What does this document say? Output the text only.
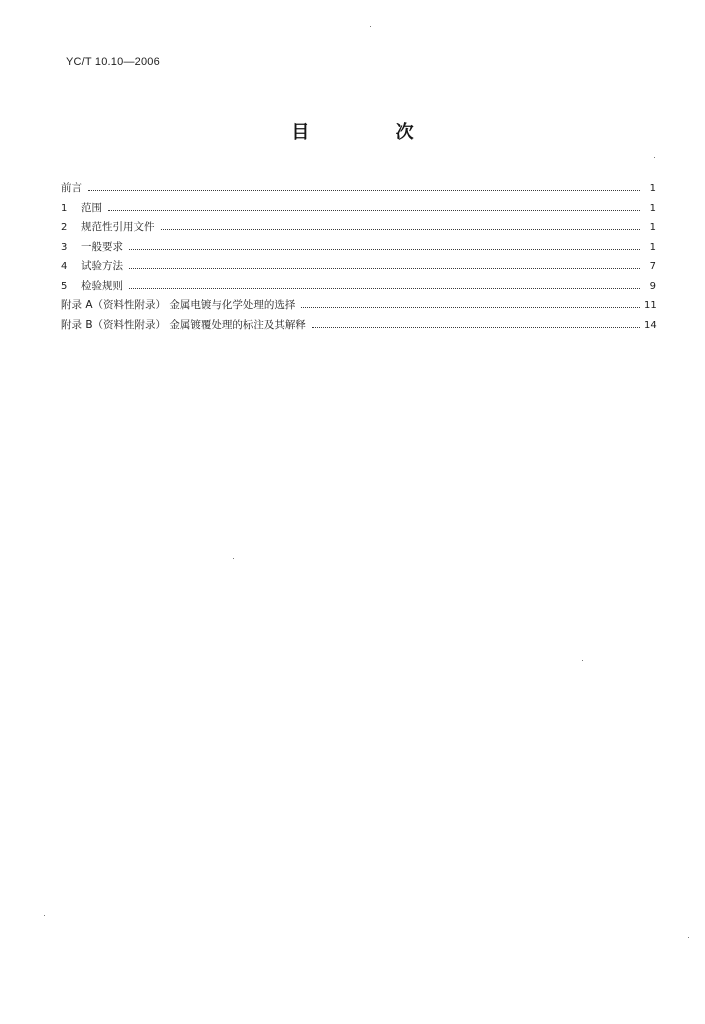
YC/T 10.10—2006
目 次
前言	1
1	范围	1
2	规范性引用文件	1
3	一般要求	1
4	试验方法	7
5	检验规则	9
附录 A（资料性附录） 金属电镀与化学处理的选择	11
附录 B（资料性附录） 金属镀覆处理的标注及其解释	14
